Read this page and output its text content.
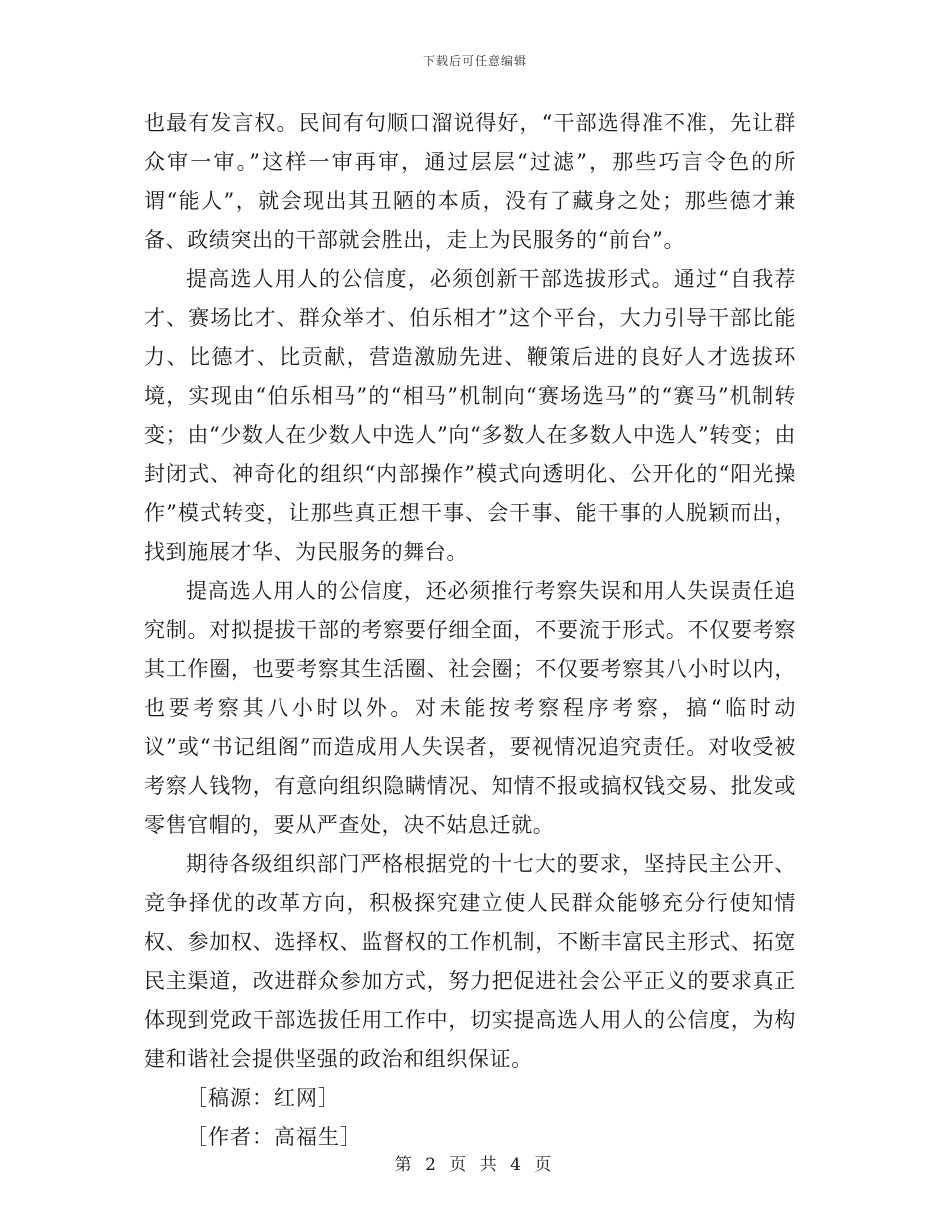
下载后可任意编辑

也最有发言权。民间有句顺口溜说得好，“干部选得准不准，先让群众审一审。”这样一审再审，通过层层“过滤”，那些巧言令色的所谓“能人”，就会现出其丑陋的本质，没有了藏身之处；那些德才兼备、政绩突出的干部就会胜出，走上为民服务的“前台”。

提高选人用人的公信度，必须创新干部选拔形式。通过“自我荐才、赛场比才、群众举才、伯乐相才”这个平台，大力引导干部比能力、比德才、比贡献，营造激励先进、鞭策后进的良好人才选拔环境，实现由“伯乐相马”的“相马”机制向“赛场选马”的“赛马”机制转变；由“少数人在少数人中选人”向“多数人在多数人中选人”转变；由封闭式、神奇化的组织“内部操作”模式向透明化、公开化的“阳光操作”模式转变，让那些真正想干事、会干事、能干事的人脱颖而出，找到施展才华、为民服务的舞台。

提高选人用人的公信度，还必须推行考察失误和用人失误责任追究制。对拟提拔干部的考察要仔细全面，不要流于形式。不仅要考察其工作圈，也要考察其生活圈、社会圈；不仅要考察其八小时以内，也要考察其八小时以外。对未能按考察程序考察，搞“临时动议”或“书记组阁”而造成用人失误者，要视情况追究责任。对收受被考察人钱物，有意向组织隐瞒情况、知情不报或搞权钱交易、批发或零售官帽的，要从严查处，决不姑息迁就。

期待各级组织部门严格根据党的十七大的要求，坚持民主公开、竞争择优的改革方向，积极探究建立使人民群众能够充分行使知情权、参加权、选择权、监督权的工作机制，不断丰富民主形式、拓宽民主渠道，改进群众参加方式，努力把促进社会公平正义的要求真正体现到党政干部选拔任用工作中，切实提高选人用人的公信度，为构建和谐社会提供坚强的政治和组织保证。

［稿源：红网］

［作者：高福生］

第 2 页 共 4 页
